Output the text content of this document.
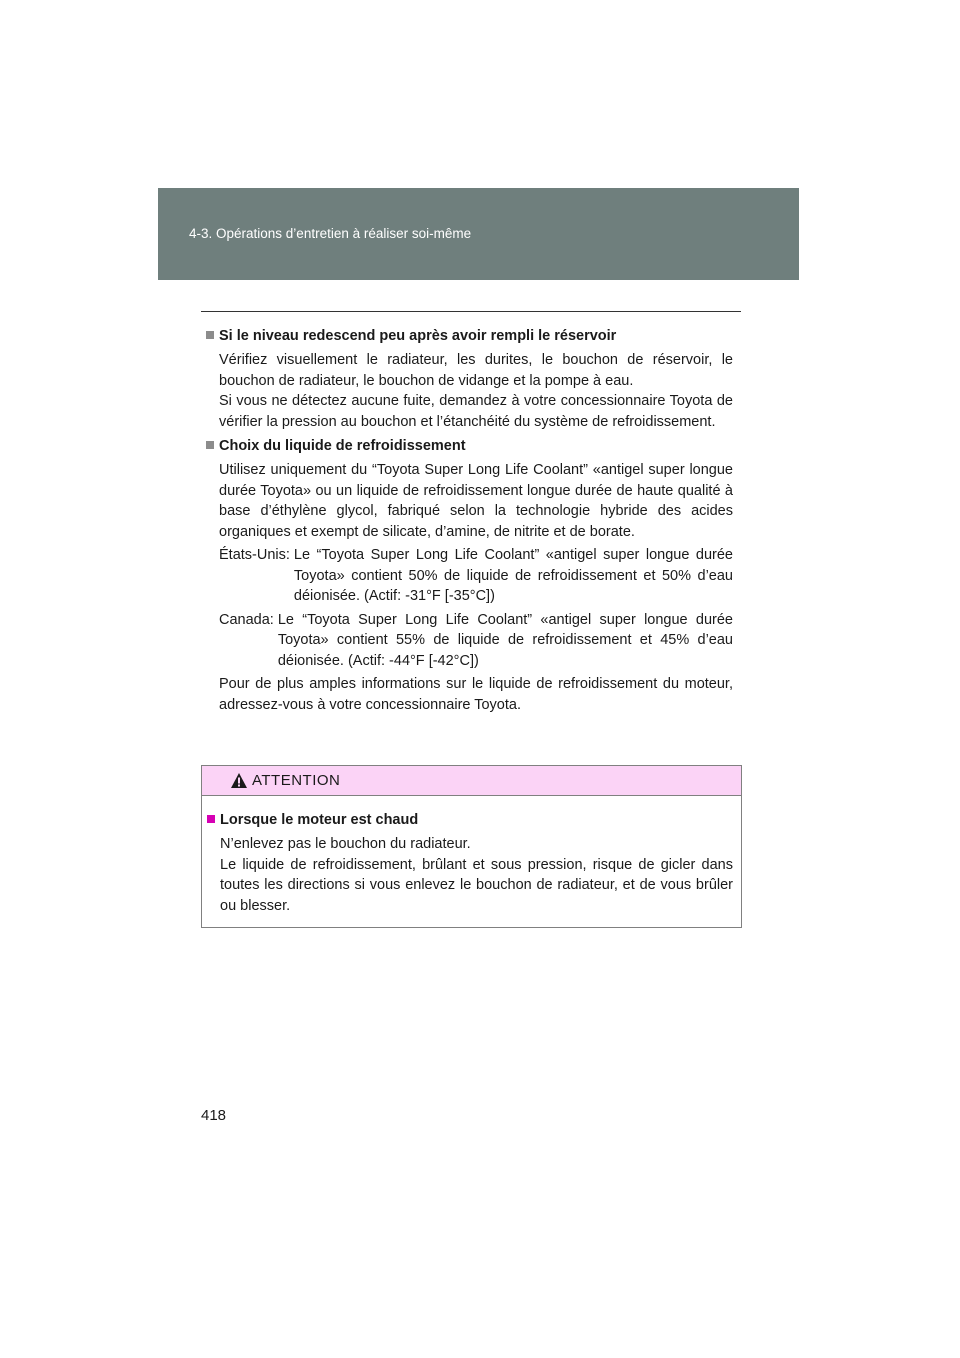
4-3. Opérations d’entretien à réaliser soi-même
Si le niveau redescend peu après avoir rempli le réservoir

Vérifiez visuellement le radiateur, les durites, le bouchon de réservoir, le bouchon de radiateur, le bouchon de vidange et la pompe à eau.

Si vous ne détectez aucune fuite, demandez à votre concessionnaire Toyota de vérifier la pression au bouchon et l’étanchéité du système de refroidissement.

Choix du liquide de refroidissement

Utilisez uniquement du “Toyota Super Long Life Coolant” «antigel super longue durée Toyota» ou un liquide de refroidissement longue durée de haute qualité à base d’éthylène glycol, fabriqué selon la technologie hybride des acides organiques et exempt de silicate, d’amine, de nitrite et de borate.

États-Unis: Le “Toyota Super Long Life Coolant” «antigel super longue durée Toyota» contient 50% de liquide de refroidissement et 50% d’eau déionisée. (Actif: -31°F [-35°C])
Canada: Le “Toyota Super Long Life Coolant” «antigel super longue durée Toyota» contient 55% de liquide de refroidissement et 45% d’eau déionisée. (Actif: -44°F [-42°C])

Pour de plus amples informations sur le liquide de refroidissement du moteur, adressez-vous à votre concessionnaire Toyota.

ATTENTION
Lorsque le moteur est chaud

N’enlevez pas le bouchon du radiateur.

Le liquide de refroidissement, brûlant et sous pression, risque de gicler dans toutes les directions si vous enlevez le bouchon de radiateur, et de vous brûler ou blesser.

418
